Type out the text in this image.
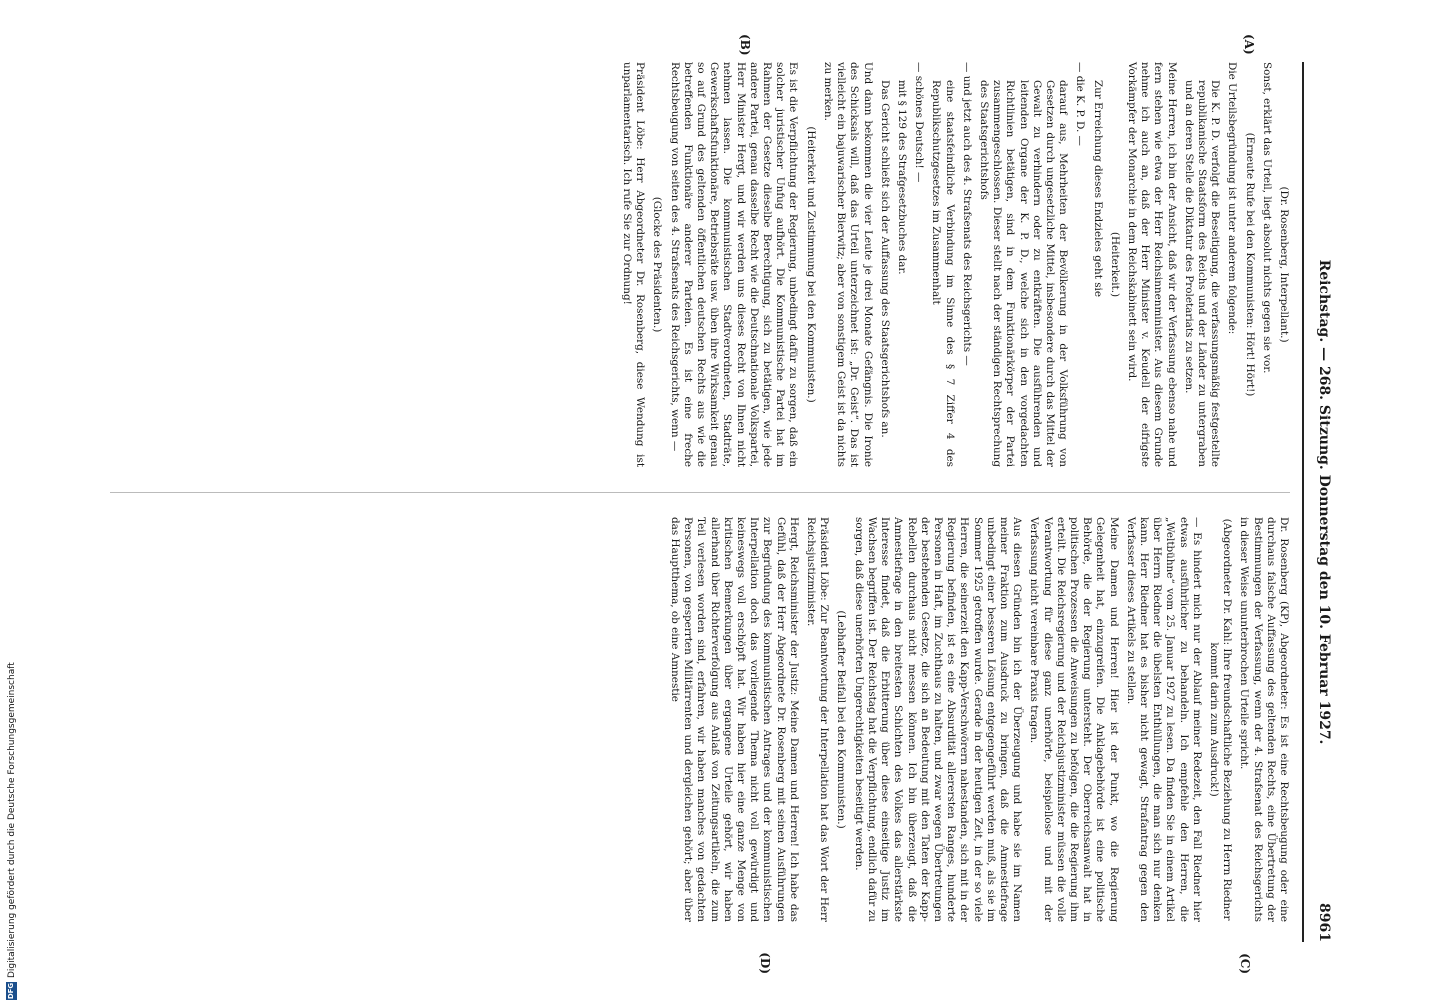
Reichstag. — 268. Sitzung. Donnerstag den 10. Februar 1927.
8961
(A)
(B)
(C)
(D)

(Dr. Rosenberg, Interpellant.)

Sonst, erklärt das Urteil, liegt absolut nichts gegen sie vor.

(Erneute Rufe bei den Kommunisten: Hört! Hört!)

Die Urteilsbegründung ist unter anderem folgende:

Die K. P. D. verfolgt die Beseitigung, die verfassungsmäßig festgestellte republikanische Staatsform des Reichs und der Länder zu untergraben und an deren Stelle die Diktatur des Proletariats zu setzen.

Meine Herren, ich bin der Ansicht, daß wir der Verfassung ebenso nahe und fern stehen wie etwa der Herr Reichsinnenminister. Aus diesem Grunde nehme ich auch an, daß der Herr Minister v. Keudell der eifrigste Vorkämpfer der Monarchie in dem Reichskabinett sein wird.

(Heiterkeit.)

Zur Erreichung dieses Endzieles geht sie

— die K. P. D. —

darauf aus, Mehrheiten der Bevölkerung in der Volksführung von Gesetzen durch ungesetzliche Mittel, insbesondere durch das Mittel der Gewalt zu verhindern oder zu entkräften. Die ausführenden und leitenden Organe der K. P. D., welche sich in den vorgedachten Richtlinien betätigen, sind in dem Funktionärkörper der Partei zusammengeschlossen. Dieser stellt nach der ständigen Rechtsprechung des Staatsgerichtshofs

— und jetzt auch des 4. Strafsenats des Reichsgerichts —

eine staatsfeindliche Verbindung im Sinne des § 7 Ziffer 4 des Republikschutzgesetzes im Zusammenhalt

— schönes Deutsch! —

mit § 129 des Strafgesetzbuches dar.

Das Gericht schließt sich der Auffassung des Staatsgerichtshofs an.

Und dann bekommen die vier Leute je drei Monate Gefängnis. Die Ironie des Schicksals will, daß das Urteil unterzeichnet ist: „Dr. Geist“. Das ist vielleicht ein bajuwarischer Bierwitz; aber von sonstigem Geist ist da nichts zu merken.

(Heiterkeit und Zustimmung bei den Kommunisten.)

Es ist die Verpflichtung der Regierung, unbedingt dafür zu sorgen, daß ein solcher juristischer Unfug aufhört. Die Kommunistische Partei hat im Rahmen der Gesetze dieselbe Berechtigung, sich zu betätigen, wie jede andere Partei, genau dasselbe Recht wie die Deutschnationale Volkspartei, Herr Minister Hergt, und wir werden uns dieses Recht von Ihnen nicht nehmen lassen. Die kommunistischen Stadtverordneten, Stadträte, Gewerkschaftsfunktionäre, Betriebsräte usw. üben ihre Wirksamkeit genau so auf Grund des geltenden öffentlichen deutschen Rechts aus wie die betreffenden Funktionäre anderer Parteien. Es ist eine freche Rechtsbeugung von seiten des 4. Strafsenats des Reichsgerichts, wenn —

(Glocke des Präsidenten.)

Präsident Löbe: Herr Abgeordneter Dr. Rosenberg, diese Wendung ist unparlamentarisch. Ich rufe Sie zur Ordnung!

Dr. Rosenberg (KP), Abgeordneter: Es ist eine Rechtsbeugung oder eine durchaus falsche Auffassung des geltenden Rechts, eine Übertretung der Bestimmungen der Verfassung, wenn der 4. Strafsenat des Reichsgerichts in dieser Weise ununterbrochen Urteile spricht.

(Abgeordneter Dr. Kahl: Ihre freundschaftliche Beziehung zu Herrn Riedner kommt darin zum Ausdruck!)

— Es hindert mich nur der Ablauf meiner Redezeit, den Fall Riedner hier etwas ausführlicher zu behandeln. Ich empfehle den Herren, die „Weltbühne“ vom 25. Januar 1927 zu lesen. Da finden Sie in einem Artikel über Herrn Riedner die übelsten Enthüllungen, die man sich nur denken kann. Herr Riedner hat es bisher nicht gewagt, Strafantrag gegen den Verfasser dieses Artikels zu stellen.

Meine Damen und Herren! Hier ist der Punkt, wo die Regierung Gelegenheit hat, einzugreifen. Die Anklagebehörde ist eine politische Behörde, die der Regierung untersteht. Der Oberreichsanwalt hat in politischen Prozessen die Anweisungen zu befolgen, die die Regierung ihm erteilt. Die Reichsregierung und der Reichsjustizminister müssen die volle Verantwortung für diese ganz unerhörte, beispiellose und mit der Verfassung nicht vereinbare Praxis tragen.

Aus diesen Gründen bin ich der Überzeugung und habe sie im Namen meiner Fraktion zum Ausdruck zu bringen, daß die Amnestiefrage unbedingt einer besseren Lösung entgegengeführt werden muß, als sie im Sommer 1925 getroffen wurde. Gerade in der heutigen Zeit, in der so viele Herren, die seinerzeit den Kapp-Verschwörern nahestanden, sich mit in der Regierung befinden, ist es eine Absurdität allerersten Ranges, hunderte Personen in Haft, im Zuchthaus zu halten, und zwar wegen Übertretungen der bestehenden Gesetze, die sich an Bedeutung mit den Taten der Kapp-Rebellen durchaus nicht messen können. Ich bin überzeugt, daß die Amnestiefrage in den breitesten Schichten des Volkes das allerstärkste Interesse findet, daß die Erbitterung über diese einseitige Justiz im Wachsen begriffen ist. Der Reichstag hat die Verpflichtung, endlich dafür zu sorgen, daß diese unerhörten Ungerechtigkeiten beseitigt werden.

(Lebhafter Beifall bei den Kommunisten.)

Präsident Löbe: Zur Beantwortung der Interpellation hat das Wort der Herr Reichsjustizminister.

Hergt, Reichsminister der Justiz: Meine Damen und Herren! Ich habe das Gefühl, daß der Herr Abgeordnete Dr. Rosenberg mit seinen Ausführungen zur Begründung des kommunistischen Antrages und der kommunistischen Interpellation doch das vorliegende Thema nicht voll gewürdigt und keineswegs voll erschöpft hat. Wir haben hier eine ganze Menge von kritischen Bemerkungen über ergangene Urteile gehört, wir haben allerhand über Richterverfolgung aus Anlaß von Zeitungsartikeln, die zum Teil verlesen worden sind, erfahren, wir haben manches von gedachten Personen, von gesperrten Militärrenten und dergleichen gehört; aber über das Hauptthema, ob eine Amnestie

DFGDigitalisierung gefördert durch die Deutsche Forschungsgemeinschaft
